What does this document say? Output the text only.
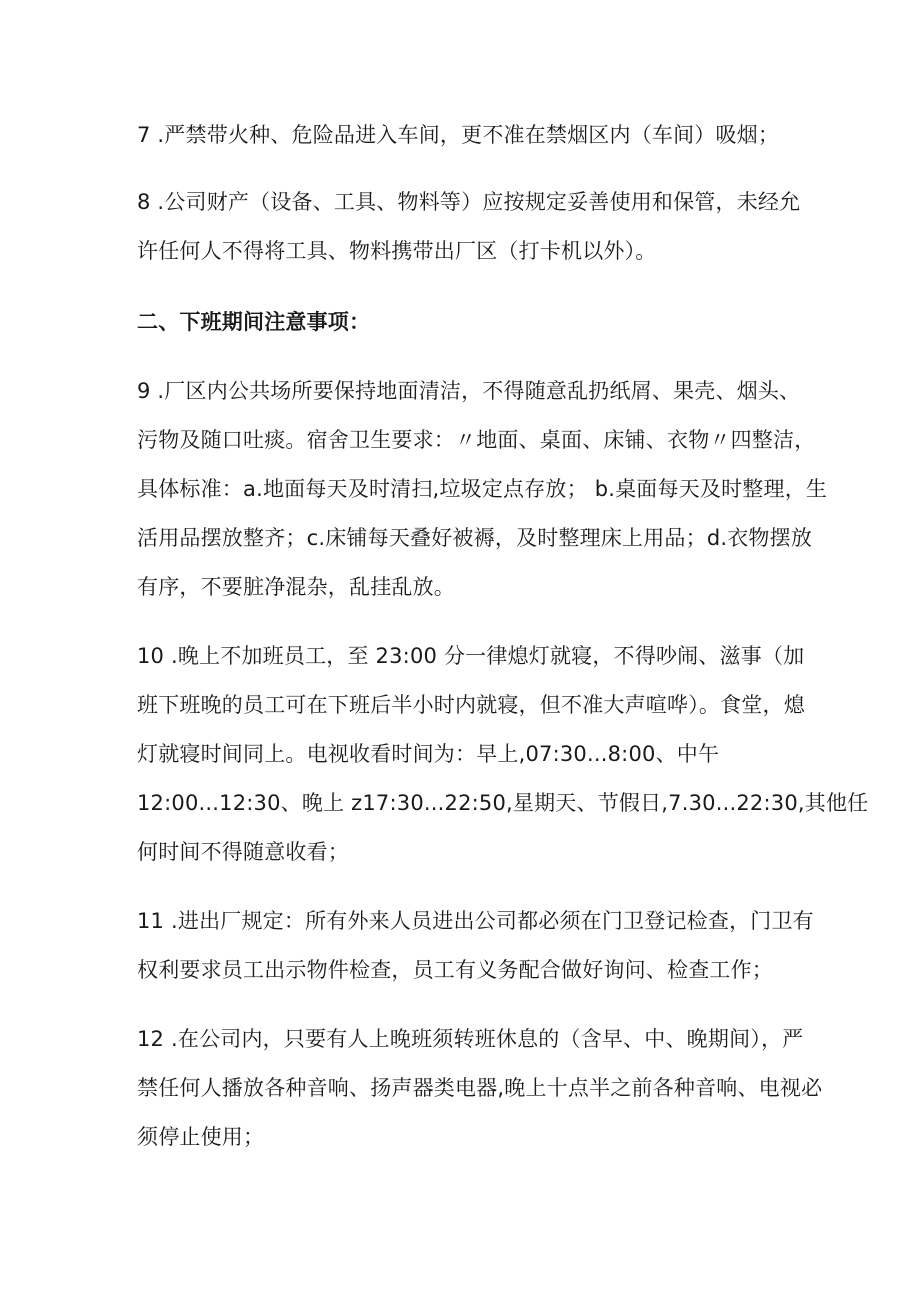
7 .严禁带火种、危险品进入车间，更不准在禁烟区内（车间）吸烟；
8 .公司财产（设备、工具、物料等）应按规定妥善使用和保管，未经允
许任何人不得将工具、物料携带出厂区（打卡机以外）。
二、下班期间注意事项：
9 .厂区内公共场所要保持地面清洁，不得随意乱扔纸屑、果壳、烟头、
污物及随口吐痰。宿舍卫生要求：〃地面、桌面、床铺、衣物〃四整洁，
具体标准：a.地面每天及时清扫,垃圾定点存放； b.桌面每天及时整理，生
活用品摆放整齐；c.床铺每天叠好被褥，及时整理床上用品；d.衣物摆放
有序，不要脏净混杂，乱挂乱放。
10 .晚上不加班员工，至 23:00 分一律熄灯就寝，不得吵闹、滋事（加
班下班晚的员工可在下班后半小时内就寝，但不准大声喧哗）。食堂，熄
灯就寝时间同上。电视收看时间为：早上,07:30...8:00、中午
12:00...12:30、晚上 z17:30...22:50,星期天、节假日,7.30...22:30,其他任
何时间不得随意收看；
11 .进出厂规定：所有外来人员进出公司都必须在门卫登记检查，门卫有
权利要求员工出示物件检查，员工有义务配合做好询问、检查工作；
12 .在公司内，只要有人上晚班须转班休息的（含早、中、晚期间），严
禁任何人播放各种音响、扬声器类电器,晚上十点半之前各种音响、电视必
须停止使用；
